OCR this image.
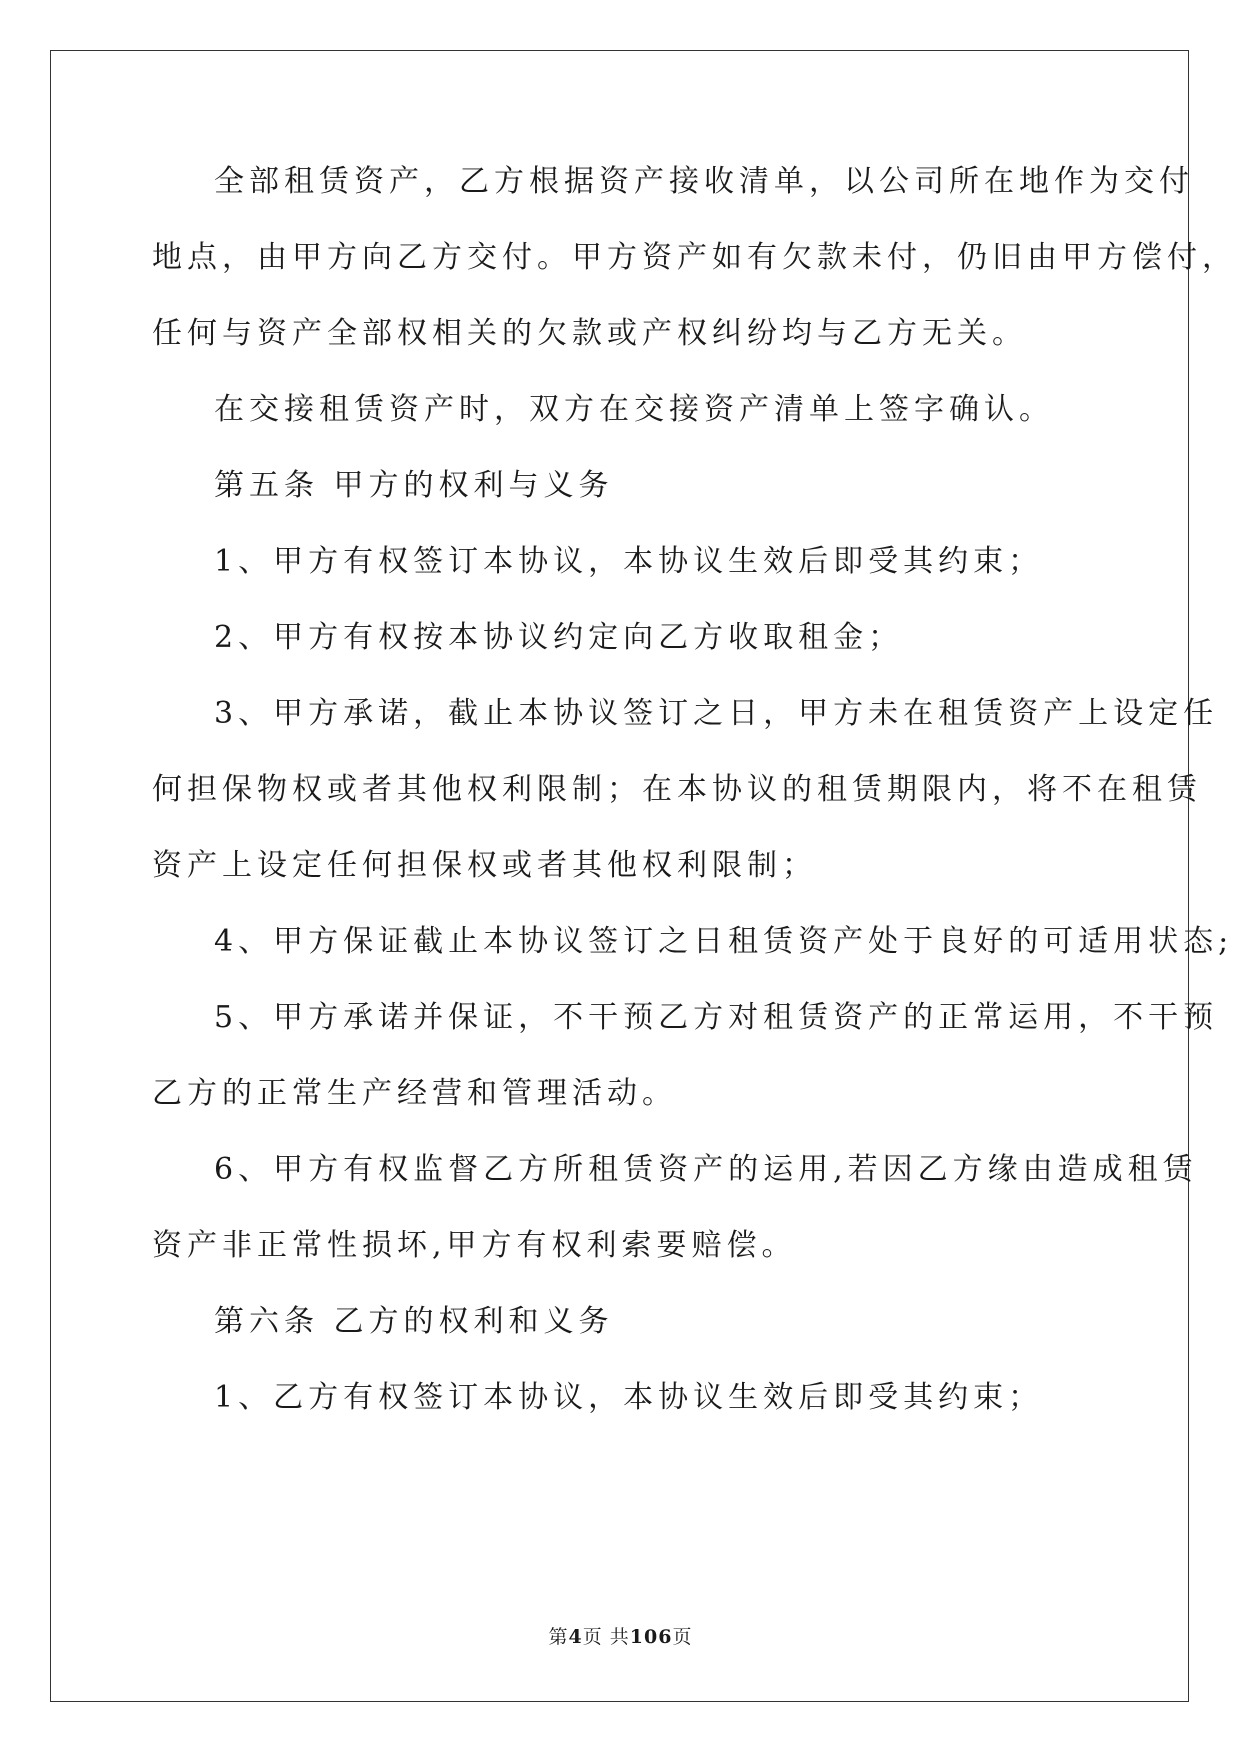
全部租赁资产，乙方根据资产接收清单，以公司所在地作为交付
地点，由甲方向乙方交付。甲方资产如有欠款未付，仍旧由甲方偿付，
任何与资产全部权相关的欠款或产权纠纷均与乙方无关。
在交接租赁资产时，双方在交接资产清单上签字确认。
第五条 甲方的权利与义务
1、甲方有权签订本协议，本协议生效后即受其约束；
2、甲方有权按本协议约定向乙方收取租金；
3、甲方承诺，截止本协议签订之日，甲方未在租赁资产上设定任
何担保物权或者其他权利限制；在本协议的租赁期限内，将不在租赁
资产上设定任何担保权或者其他权利限制；
4、甲方保证截止本协议签订之日租赁资产处于良好的可适用状态;
5、甲方承诺并保证，不干预乙方对租赁资产的正常运用，不干预
乙方的正常生产经营和管理活动。
6、甲方有权监督乙方所租赁资产的运用,若因乙方缘由造成租赁
资产非正常性损坏,甲方有权利索要赔偿。
第六条 乙方的权利和义务
1、乙方有权签订本协议，本协议生效后即受其约束；
第4页 共106页
